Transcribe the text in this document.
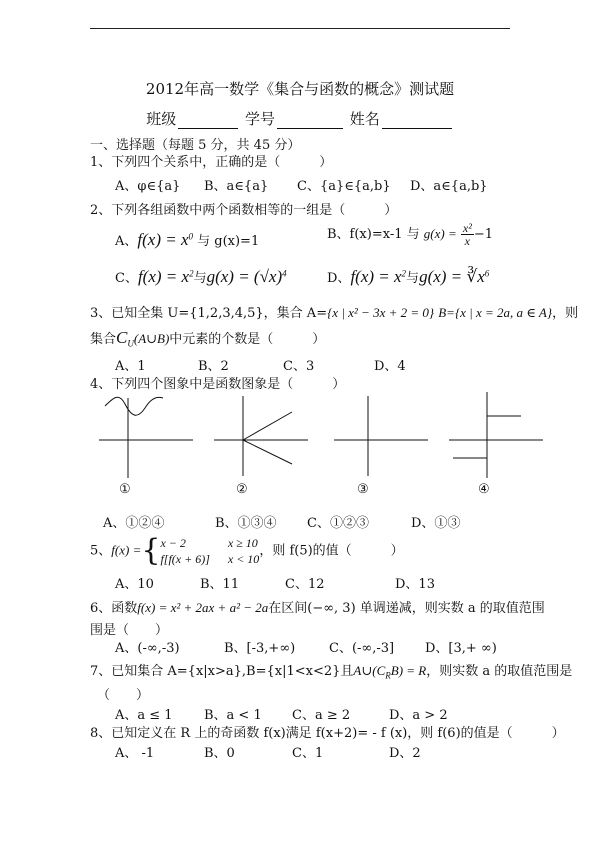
2012年高一数学《集合与函数的概念》测试题
班级	学号	姓名
一、选择题（每题 5 分，共 45 分）
1、下列四个关系中，正确的是（　　　）
A、φ∈{a} B、a∈{a} C、{a}∈{a,b} D、a∈{a,b}
2、下列各组函数中两个函数相等的一组是（　　　）
A、$f(x) = x^0$ 与 g(x)=1	B、f(x)=x-1 与 $g(x) = \frac{\text{x²}}{x} -1$
C、$f(x) = x^2$与$g(x) = (√x)^4$	D、$f(x) = x^2$与$g(x) = ∛x^6$
3、已知全集 U={1,2,3,4,5}，集合 A={x | x² − 3x + 2 = 0} B={x | x = 2a, a ∈ A}，则
集合$C_U(A\cup B)$中元素的个数是（　　　）
A、1	B、2	C、3	D、4
4、下列四个图象中是函数图象是（　　　）
①	②	③	④
A、①②④	B、①③④ C、①②③	D、①③
5、f(x) ={ x − 2
f[f(x + 6)]
x ≥ 10
x < 10
，则 f(5)的值（　　　）
A、10	B、11	C、12	D、13
6、函数f(x) = x² + 2ax + a² − 2a在区间(−∞, 3) 单调递减，则实数 a 的取值范围
围是（　　）
A、(-∞,-3)	B、[-3,+∞)	C、(-∞,-3] D、[3,+ ∞)
7、已知集合 A={x|x>a},B={x|1<x<2}且$A\cup(C_RB) = R$，则实数 a 的取值范围是
（　　）
A、a ≤ 1 B、a < 1 C、a ≥ 2	D、a > 2
8、已知定义在 R 上的奇函数 f(x)满足 f(x+2)= - f (x)，则 f(6)的值是（　　　）
A、 -1	B、0	C、1	D、2
